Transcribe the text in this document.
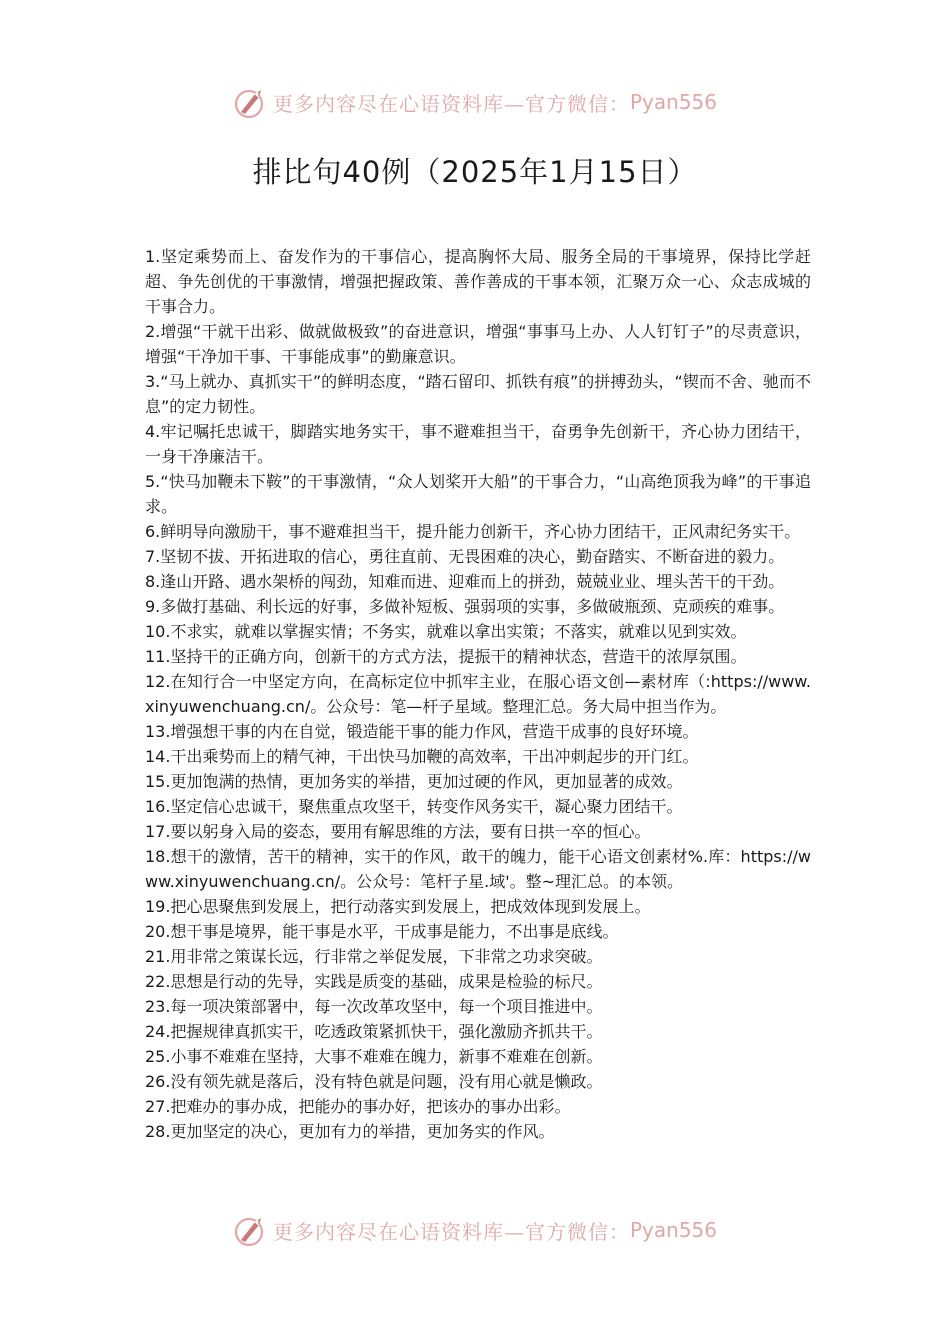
更多内容尽在心语资料库—官方微信： Pyan556
排比句40例（2025年1月15日）

1.坚定乘势而上、奋发作为的干事信心，提高胸怀大局、服务全局的干事境界，保持比学赶超、争先创优的干事激情，增强把握政策、善作善成的干事本领，汇聚万众一心、众志成城的干事合力。

2.增强“干就干出彩、做就做极致”的奋进意识，增强“事事马上办、人人钉钉子”的尽责意识，增强“干净加干事、干事能成事”的勤廉意识。

3.“马上就办、真抓实干”的鲜明态度，“踏石留印、抓铁有痕”的拼搏劲头，“锲而不舍、驰而不息”的定力韧性。

4.牢记嘱托忠诚干，脚踏实地务实干，事不避难担当干，奋勇争先创新干，齐心协力团结干，一身干净廉洁干。

5.“快马加鞭未下鞍”的干事激情，“众人划桨开大船”的干事合力，“山高绝顶我为峰”的干事追求。

6.鲜明导向激励干，事不避难担当干，提升能力创新干，齐心协力团结干，正风肃纪务实干。

7.坚韧不拔、开拓进取的信心，勇往直前、无畏困难的决心，勤奋踏实、不断奋进的毅力。

8.逢山开路、遇水架桥的闯劲，知难而进、迎难而上的拼劲，兢兢业业、埋头苦干的干劲。

9.多做打基础、利长远的好事，多做补短板、强弱项的实事，多做破瓶颈、克顽疾的难事。

10.不求实，就难以掌握实情；不务实，就难以拿出实策；不落实，就难以见到实效。

11.坚持干的正确方向，创新干的方式方法，提振干的精神状态，营造干的浓厚氛围。

12.在知行合一中坚定方向，在高标定位中抓牢主业，在服心语文创—素材库（:https://www.xinyuwenchuang.cn/。公众号：笔—杆子星域。整理汇总。务大局中担当作为。

13.增强想干事的内在自觉，锻造能干事的能力作风，营造干成事的良好环境。

14.干出乘势而上的精气神，干出快马加鞭的高效率，干出冲刺起步的开门红。

15.更加饱满的热情，更加务实的举措，更加过硬的作风，更加显著的成效。

16.坚定信心忠诚干，聚焦重点攻坚干，转变作风务实干，凝心聚力团结干。

17.要以躬身入局的姿态，要用有解思维的方法，要有日拱一卒的恒心。

18.想干的激情，苦干的精神，实干的作风，敢干的魄力，能干心语文创素材%.库：https://www.xinyuwenchuang.cn/。公众号：笔杆子星.域'。整~理汇总。的本领。

19.把心思聚焦到发展上，把行动落实到发展上，把成效体现到发展上。

20.想干事是境界，能干事是水平，干成事是能力，不出事是底线。

21.用非常之策谋长远，行非常之举促发展，下非常之功求突破。

22.思想是行动的先导，实践是质变的基础，成果是检验的标尺。

23.每一项决策部署中，每一次改革攻坚中，每一个项目推进中。

24.把握规律真抓实干，吃透政策紧抓快干，强化激励齐抓共干。

25.小事不难难在坚持，大事不难难在魄力，新事不难难在创新。

26.没有领先就是落后，没有特色就是问题，没有用心就是懒政。

27.把难办的事办成，把能办的事办好，把该办的事办出彩。

28.更加坚定的决心，更加有力的举措，更加务实的作风。

更多内容尽在心语资料库—官方微信： Pyan556
